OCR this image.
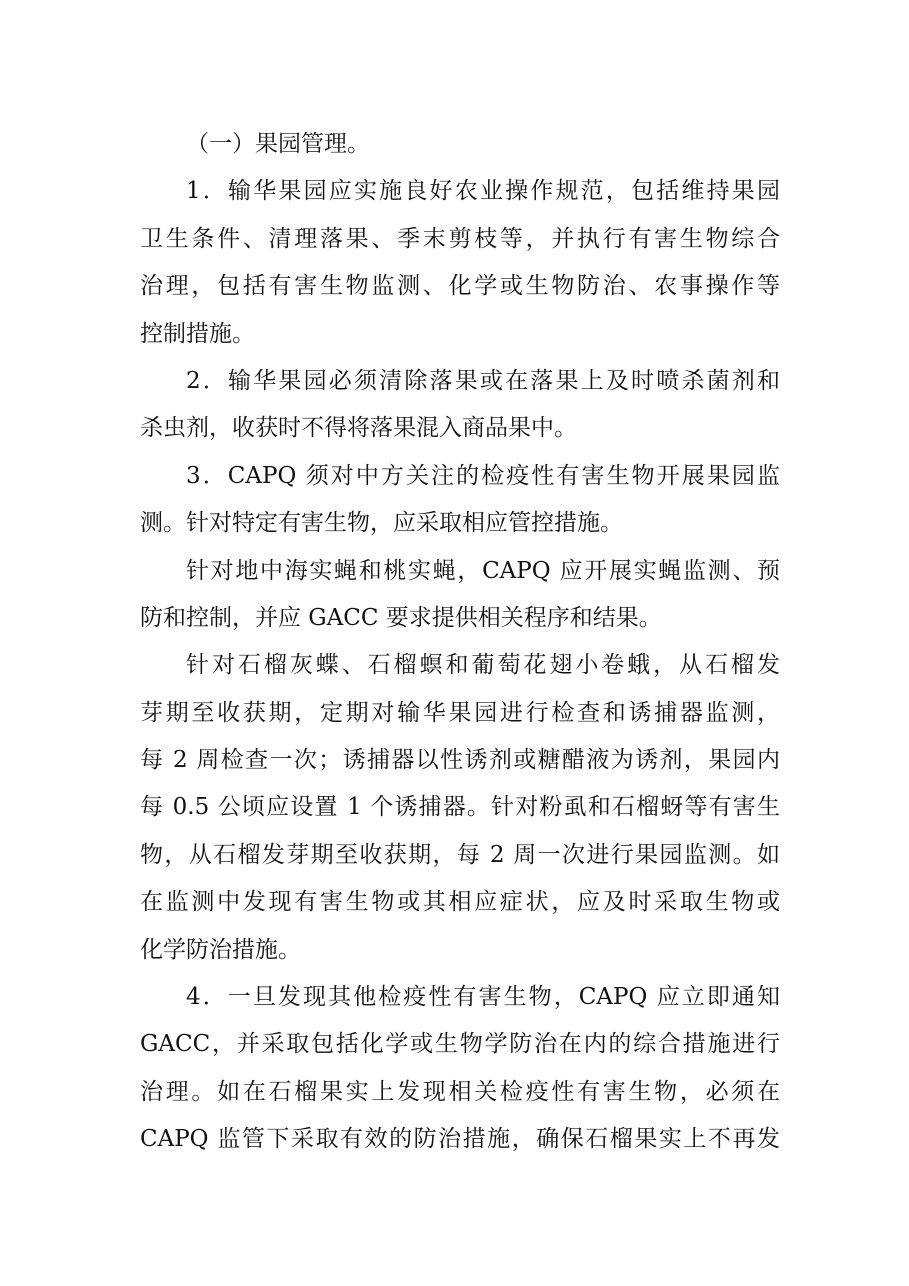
（一）果园管理。
1．输华果园应实施良好农业操作规范，包括维持果园
卫生条件、清理落果、季末剪枝等，并执行有害生物综合
治理，包括有害生物监测、化学或生物防治、农事操作等
控制措施。
2．输华果园必须清除落果或在落果上及时喷杀菌剂和
杀虫剂，收获时不得将落果混入商品果中。
3．CAPQ 须对中方关注的检疫性有害生物开展果园监
测。针对特定有害生物，应采取相应管控措施。
针对地中海实蝇和桃实蝇，CAPQ 应开展实蝇监测、预
防和控制，并应 GACC 要求提供相关程序和结果。
针对石榴灰蝶、石榴螟和葡萄花翅小卷蛾，从石榴发
芽期至收获期，定期对输华果园进行检查和诱捕器监测，
每 2 周检查一次；诱捕器以性诱剂或糖醋液为诱剂，果园内
每 0.5 公顷应设置 1 个诱捕器。针对粉虱和石榴蚜等有害生
物，从石榴发芽期至收获期，每 2 周一次进行果园监测。如
在监测中发现有害生物或其相应症状，应及时采取生物或
化学防治措施。
4．一旦发现其他检疫性有害生物，CAPQ 应立即通知
GACC，并采取包括化学或生物学防治在内的综合措施进行
治理。如在石榴果实上发现相关检疫性有害生物，必须在
CAPQ 监管下采取有效的防治措施，确保石榴果实上不再发
